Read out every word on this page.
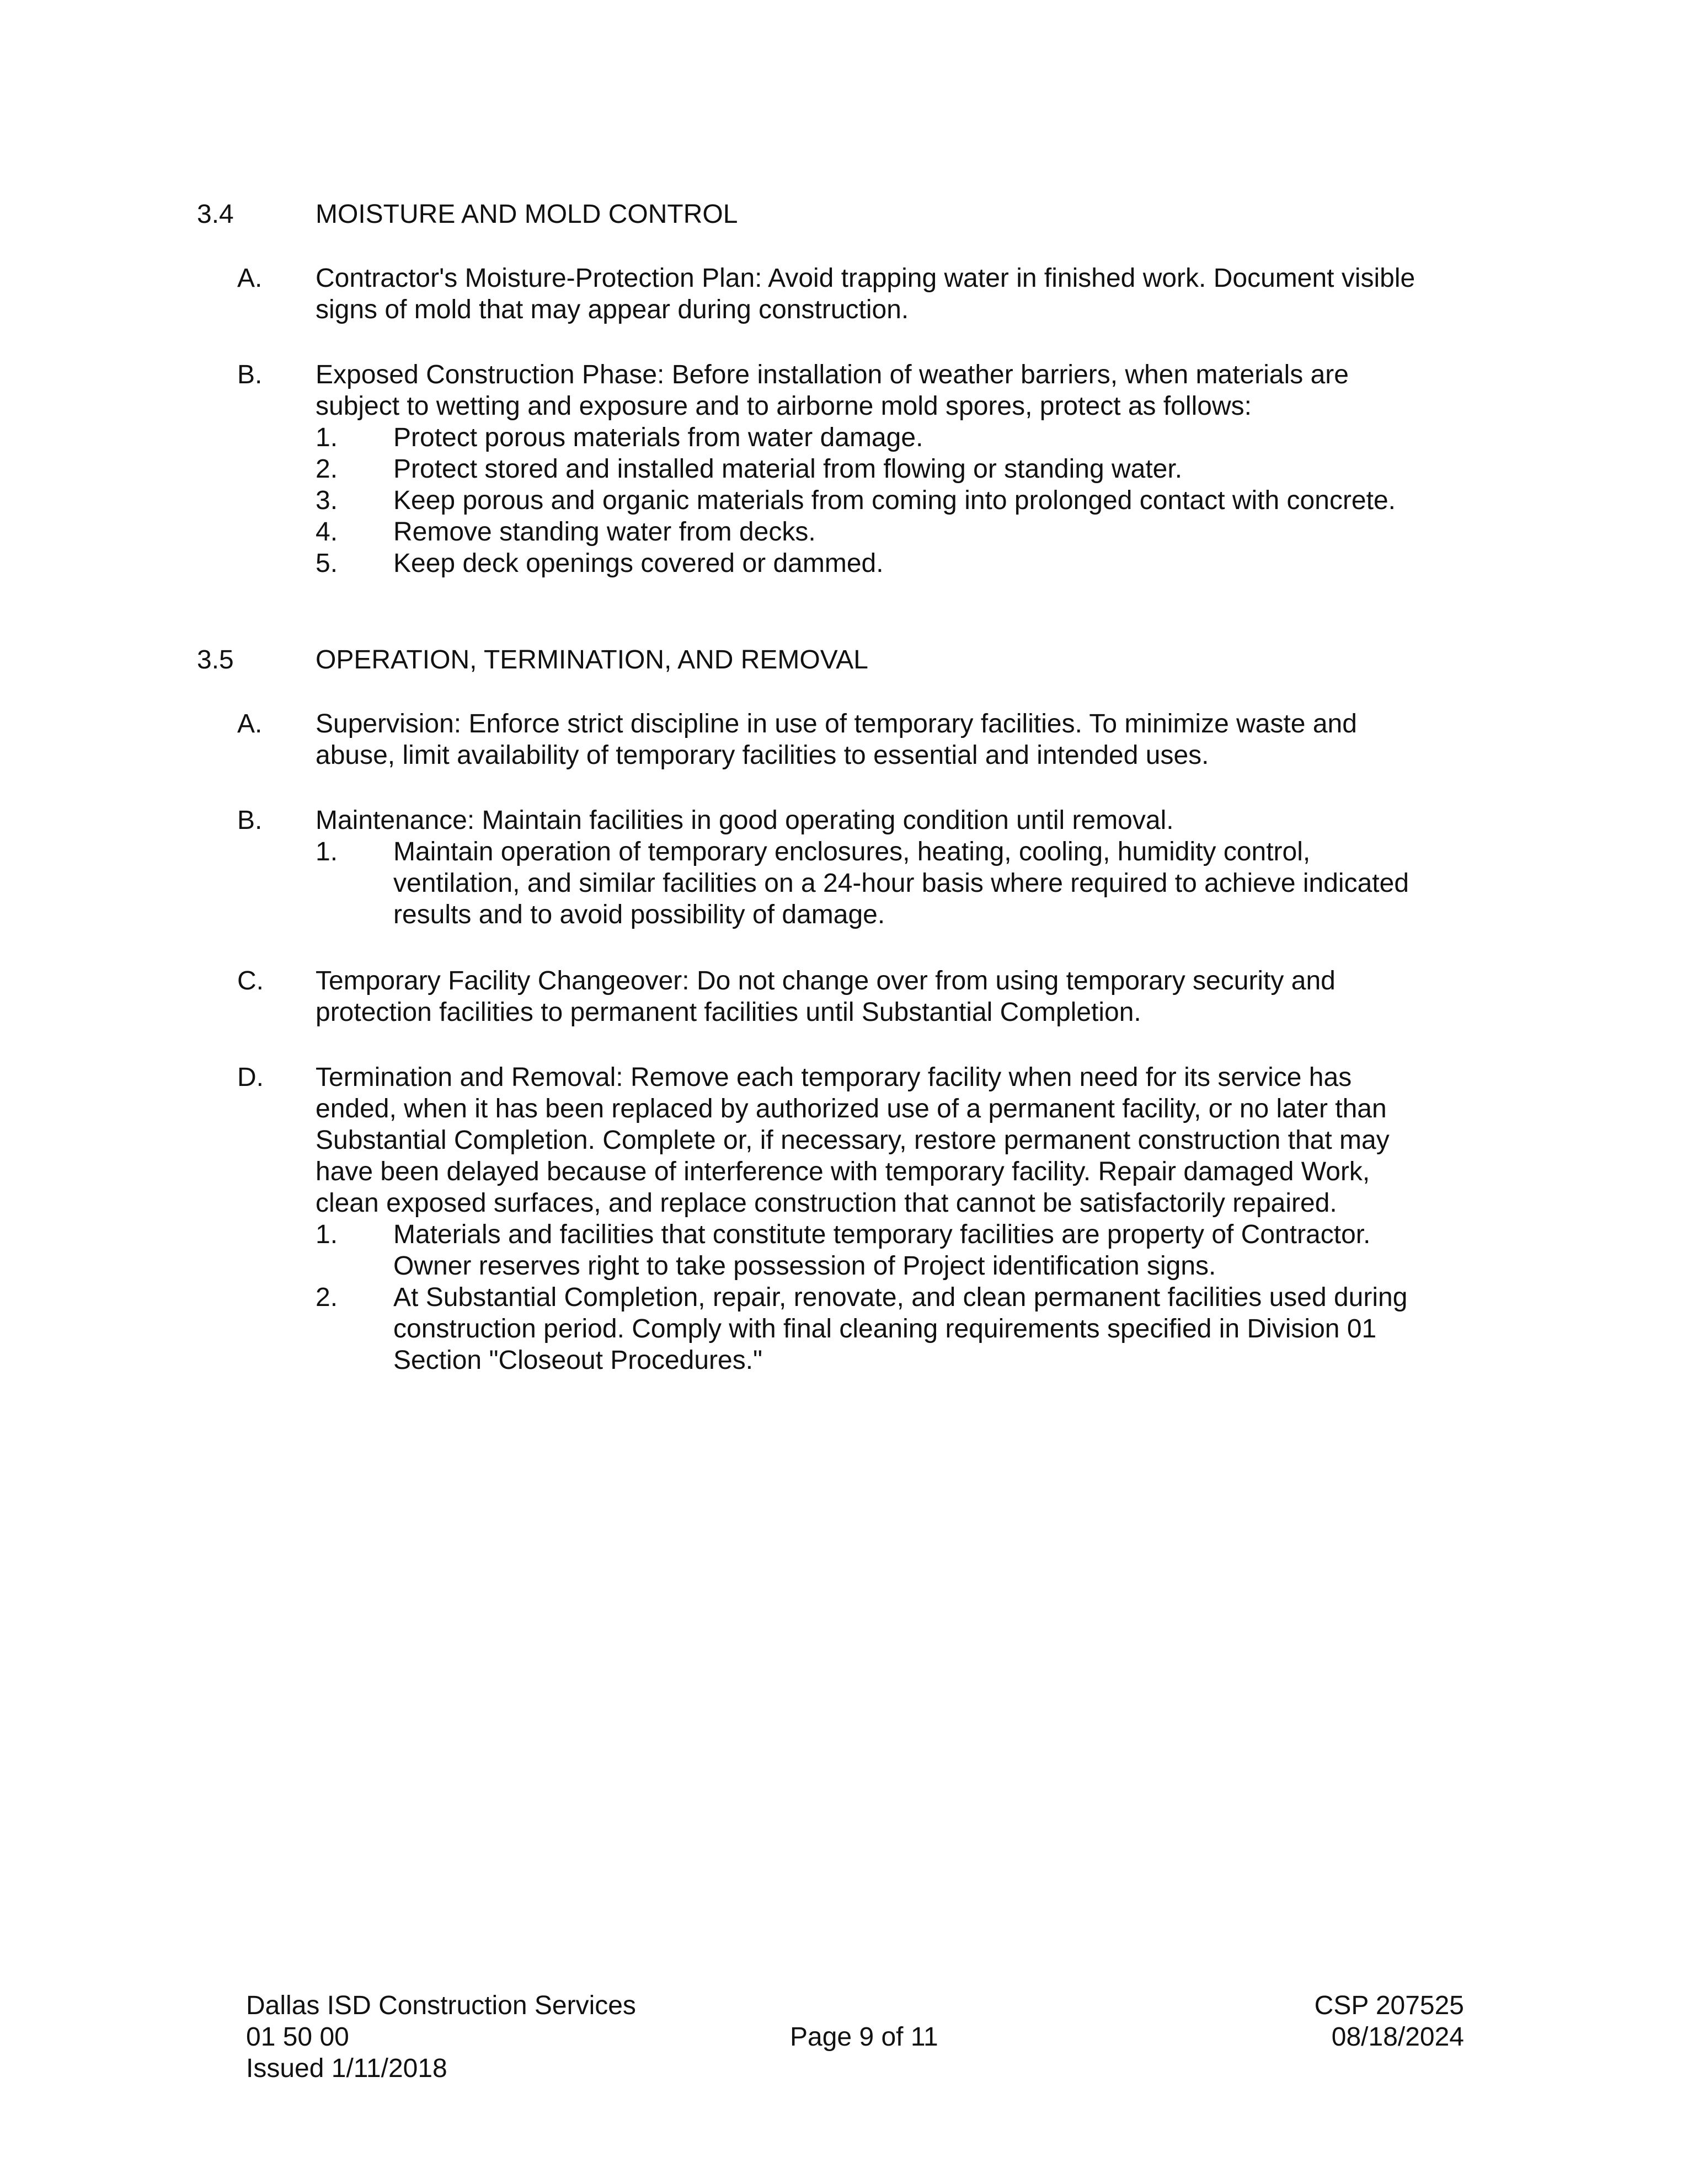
3.4	MOISTURE AND MOLD CONTROL
A. Contractor's Moisture-Protection Plan: Avoid trapping water in finished work. Document visible
signs of mold that may appear during construction.
B. Exposed Construction Phase: Before installation of weather barriers, when materials are
subject to wetting and exposure and to airborne mold spores, protect as follows:
1. Protect porous materials from water damage.
2. Protect stored and installed material from flowing or standing water.
3. Keep porous and organic materials from coming into prolonged contact with concrete.
4. Remove standing water from decks.
5. Keep deck openings covered or dammed.
3.5	OPERATION, TERMINATION, AND REMOVAL
A. Supervision: Enforce strict discipline in use of temporary facilities. To minimize waste and
abuse, limit availability of temporary facilities to essential and intended uses.
B. Maintenance: Maintain facilities in good operating condition until removal.
1. Maintain operation of temporary enclosures, heating, cooling, humidity control,
ventilation, and similar facilities on a 24-hour basis where required to achieve indicated
results and to avoid possibility of damage.
C. Temporary Facility Changeover: Do not change over from using temporary security and
protection facilities to permanent facilities until Substantial Completion.
D. Termination and Removal: Remove each temporary facility when need for its service has
ended, when it has been replaced by authorized use of a permanent facility, or no later than
Substantial Completion. Complete or, if necessary, restore permanent construction that may
have been delayed because of interference with temporary facility. Repair damaged Work,
clean exposed surfaces, and replace construction that cannot be satisfactorily repaired.
1. Materials and facilities that constitute temporary facilities are property of Contractor.
Owner reserves right to take possession of Project identification signs.
2. At Substantial Completion, repair, renovate, and clean permanent facilities used during
construction period. Comply with final cleaning requirements specified in Division 01
Section "Closeout Procedures."
Dallas ISD Construction Services
01 50 00
Issued 1/11/2018
Page 9 of 11
CSP 207525
08/18/2024
